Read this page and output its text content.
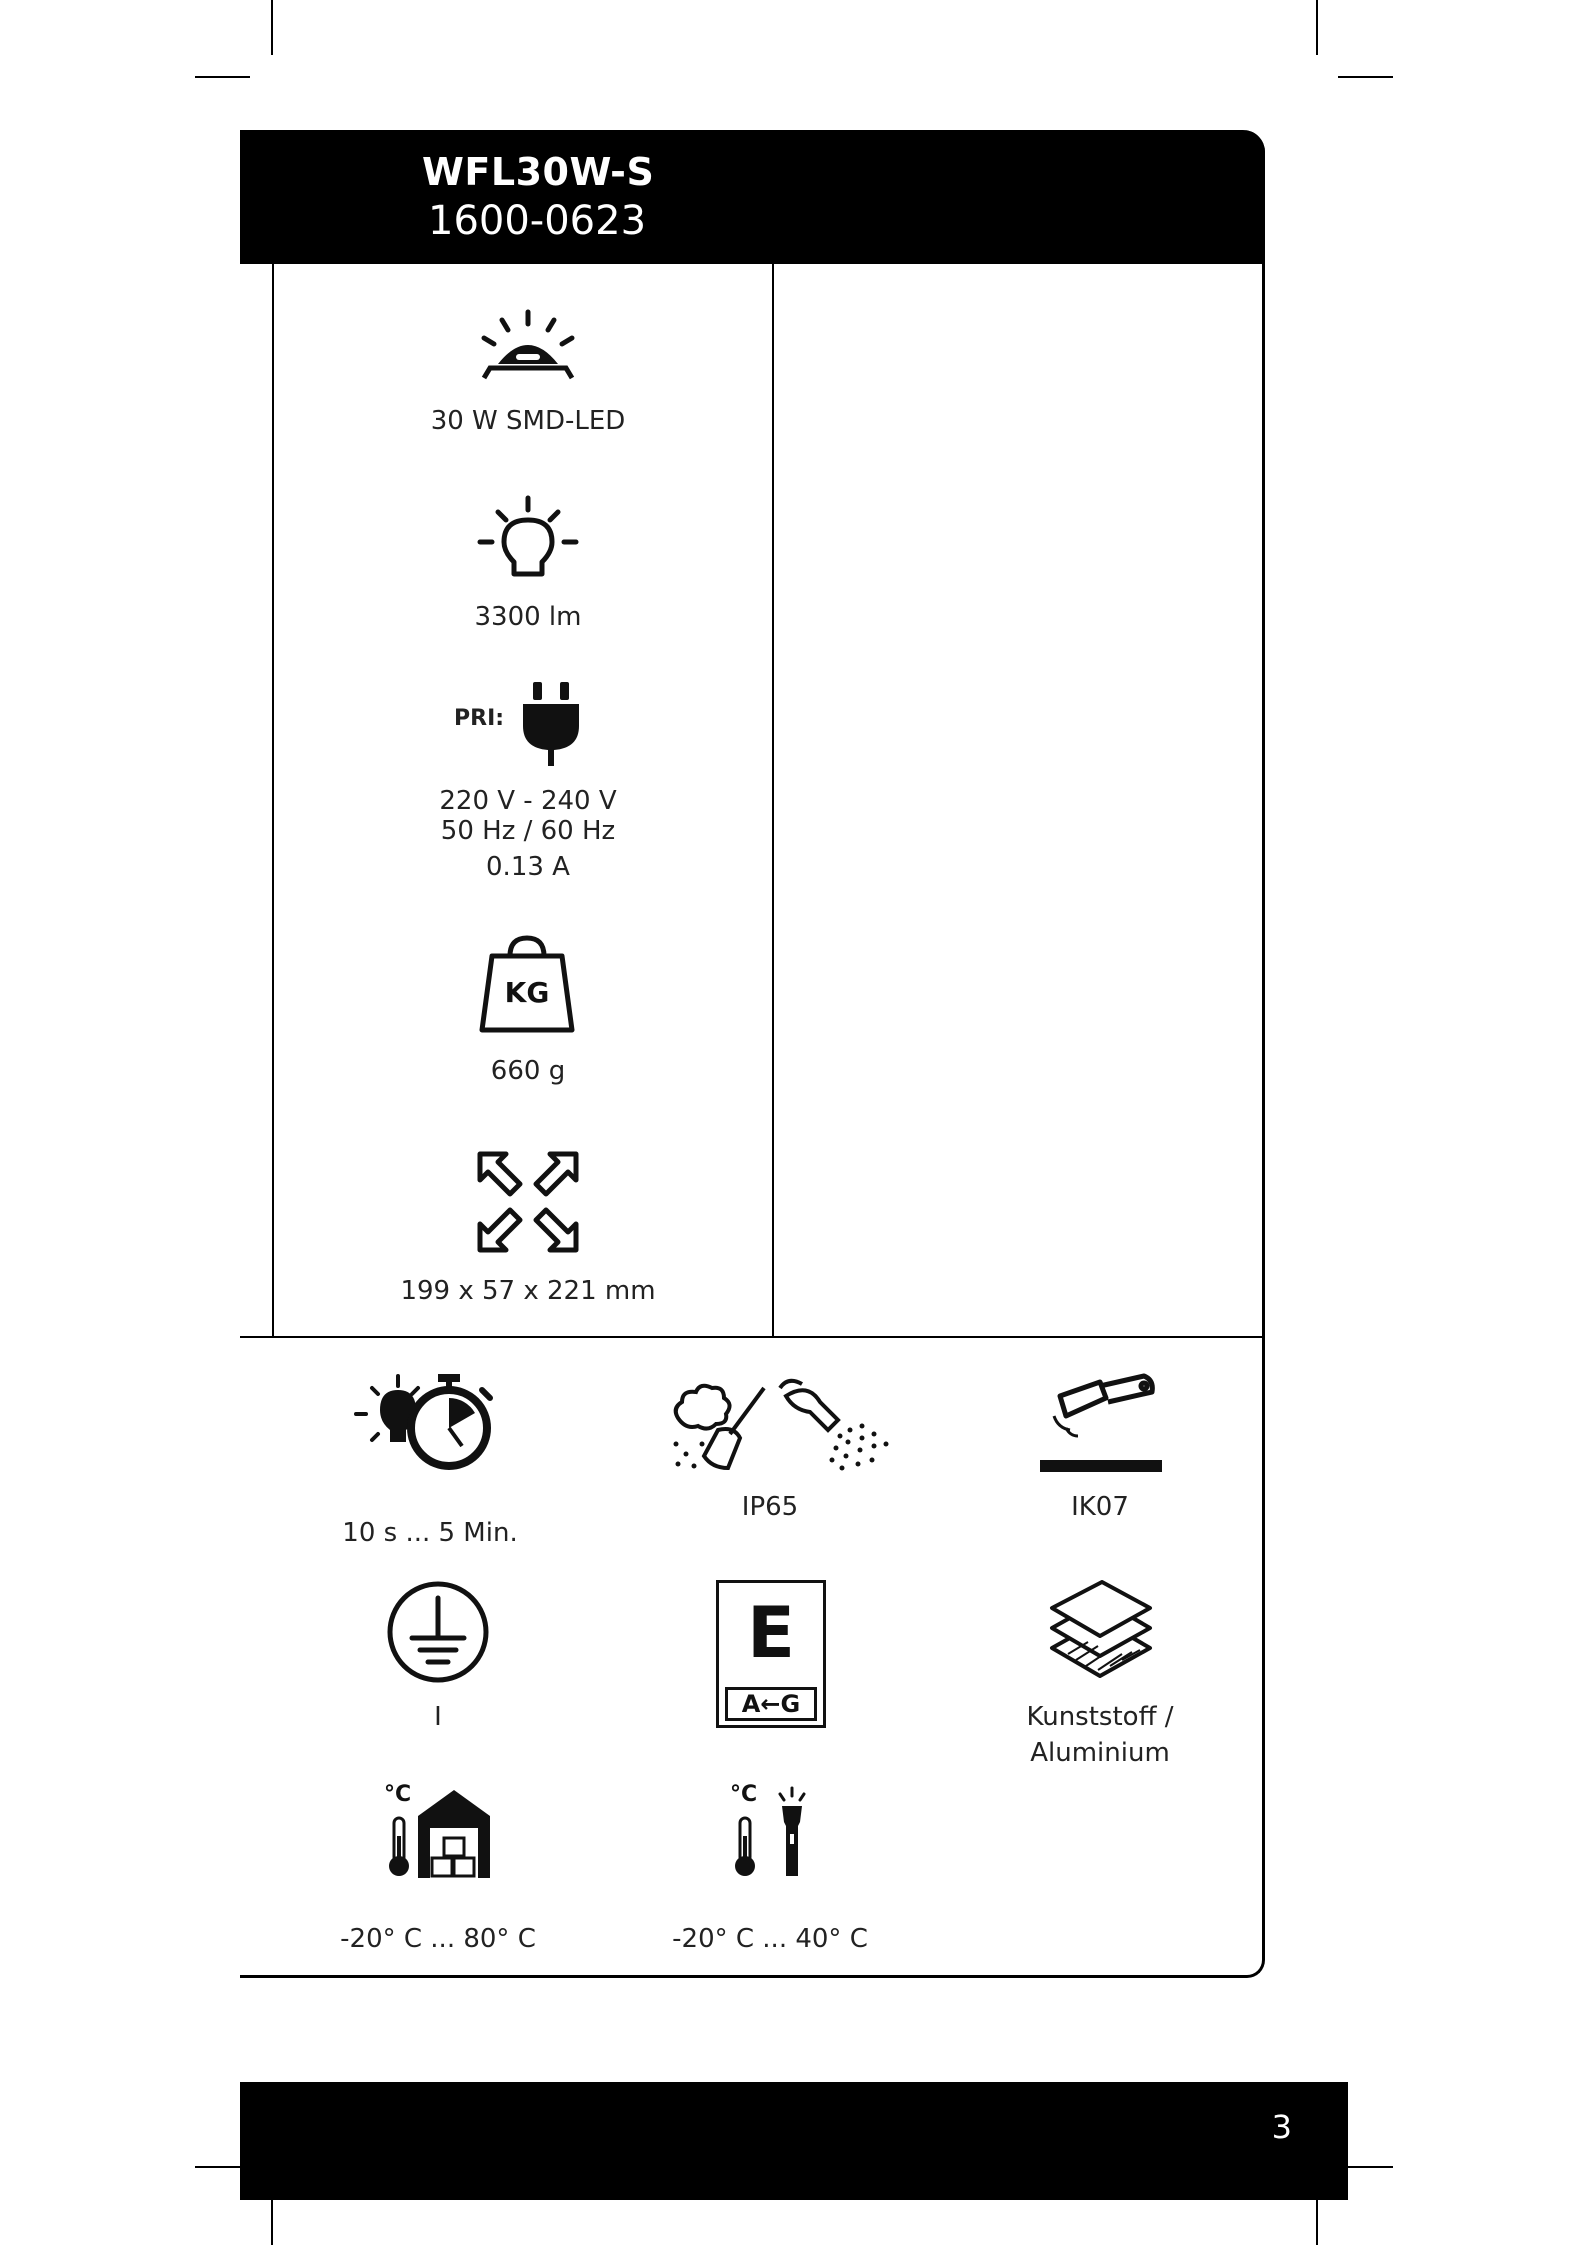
WFL30W-S
1600-0623
30 W SMD-LED
3300 lm
PRI:
220 V - 240 V
50 Hz / 60 Hz
0.13 A
KG
660 g
199 x 57 x 221 mm
10 s ... 5 Min.
IP65	IK07
I
E
A←G	Kunststoff /
Aluminium
°C
-20° C ... 80° C
°C
-20° C ... 40° C
3
